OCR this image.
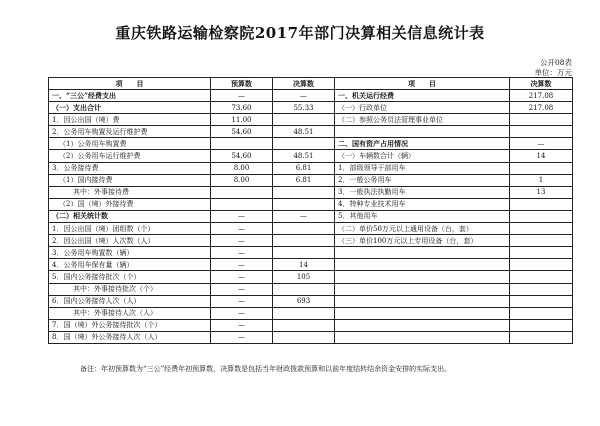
重庆铁路运输检察院2017年部门决算相关信息统计表
公开08表
单位：万元
项　　目	预算数	决算数	项　　目	决算数
一、“三公”经费支出	—	—	一、机关运行经费	217.08
（一）支出合计	73.60	55.33	（一）行政单位	217.08
1．因公出国（境）费	11.00		（二）参照公务员法管理事业单位	
2．公务用车购置及运行维护费	54.60	48.51		
（1）公务用车购置费			二、国有资产占用情况	—
（2）公务用车运行维护费	54.60	48.51	（一）车辆数合计（辆）	14
3．公务接待费	8.00	6.81	1．部级领导干部用车	
（1）国内接待费	8.00	6.81	2．一般公务用车	1
其中：外事接待费			3．一般执法执勤用车	13
（2）国（境）外接待费			4．特种专业技术用车	
（二）相关统计数	—	—	5．其他用车	
1．因公出国（境）团组数（个）	—		（二）单价50万元以上通用设备（台，套）	
2．因公出国（境）人次数（人）	—		（三）单价100万元以上专用设备（台，套）	
3．公务用车购置数（辆）	—			
4．公务用车保有量（辆）	—	14		
5．国内公务接待批次（个）	—	105		
其中：外事接待批次（个）	—			
6．国内公务接待人次（人）	—	693		
其中：外事接待人次（人）	—			
7．国（境）外公务接待批次（个）	—			
8．国（境）外公务接待人次（人）	—			
备注：年初预算数为“三公”经费年初预算数，决算数是包括当年财政拨款预算和以前年度结转结余资金安排的实际支出。
